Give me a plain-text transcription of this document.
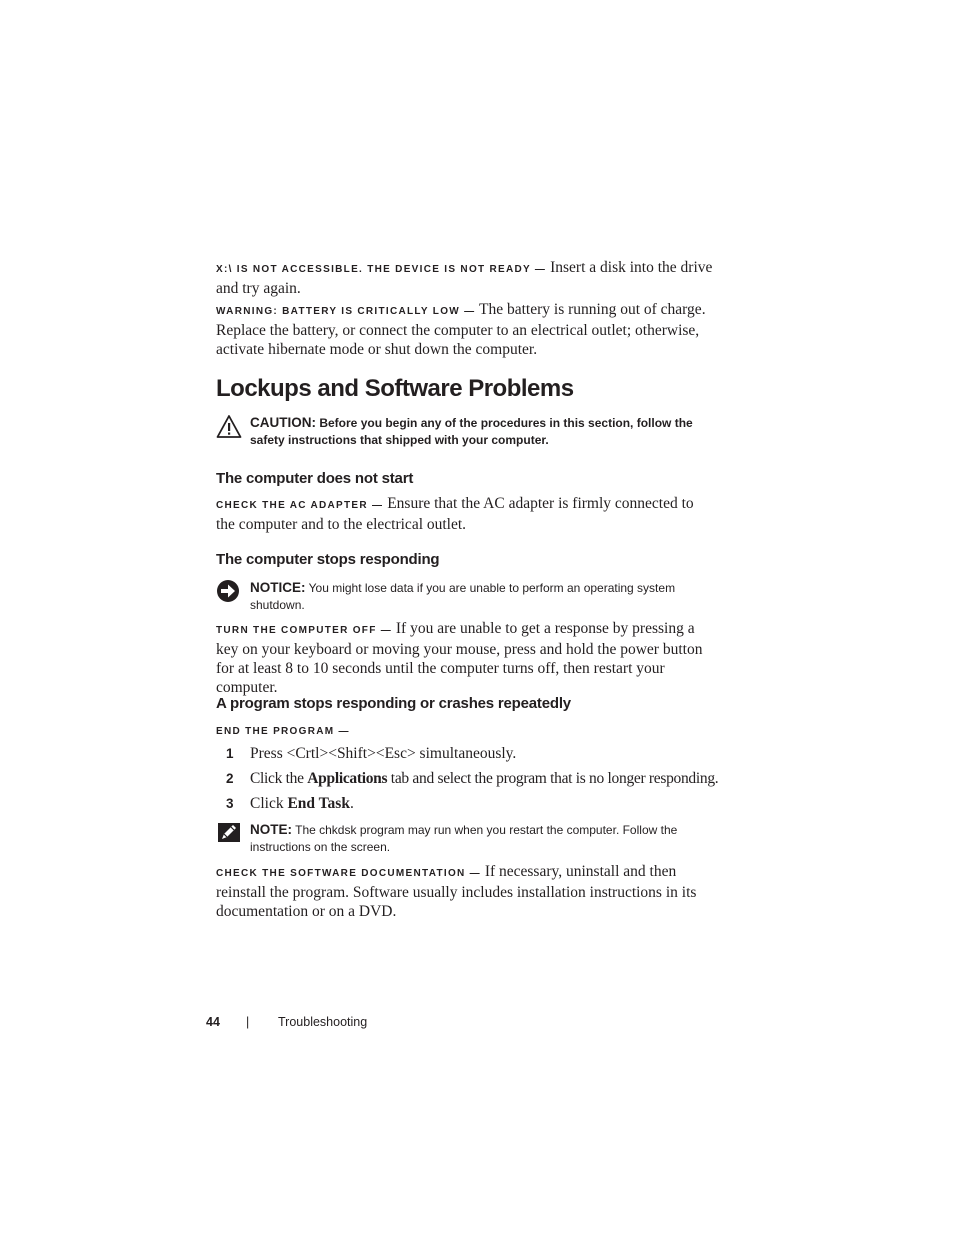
X:\ IS NOT ACCESSIBLE. THE DEVICE IS NOT READY — Insert a disk into the drive and try again.
WARNING: BATTERY IS CRITICALLY LOW — The battery is running out of charge. Replace the battery, or connect the computer to an electrical outlet; otherwise, activate hibernate mode or shut down the computer.
Lockups and Software Problems
CAUTION: Before you begin any of the procedures in this section, follow the safety instructions that shipped with your computer.
The computer does not start
CHECK THE AC ADAPTER — Ensure that the AC adapter is firmly connected to the computer and to the electrical outlet.
The computer stops responding
NOTICE: You might lose data if you are unable to perform an operating system shutdown.
TURN THE COMPUTER OFF — If you are unable to get a response by pressing a key on your keyboard or moving your mouse, press and hold the power button for at least 8 to 10 seconds until the computer turns off, then restart your computer.
A program stops responding or crashes repeatedly
END THE PROGRAM —
1 Press <Crtl><Shift><Esc> simultaneously.
2 Click the Applications tab and select the program that is no longer responding.
3 Click End Task.
NOTE: The chkdsk program may run when you restart the computer. Follow the instructions on the screen.
CHECK THE SOFTWARE DOCUMENTATION — If necessary, uninstall and then reinstall the program. Software usually includes installation instructions in its documentation or on a DVD.
44 | Troubleshooting
